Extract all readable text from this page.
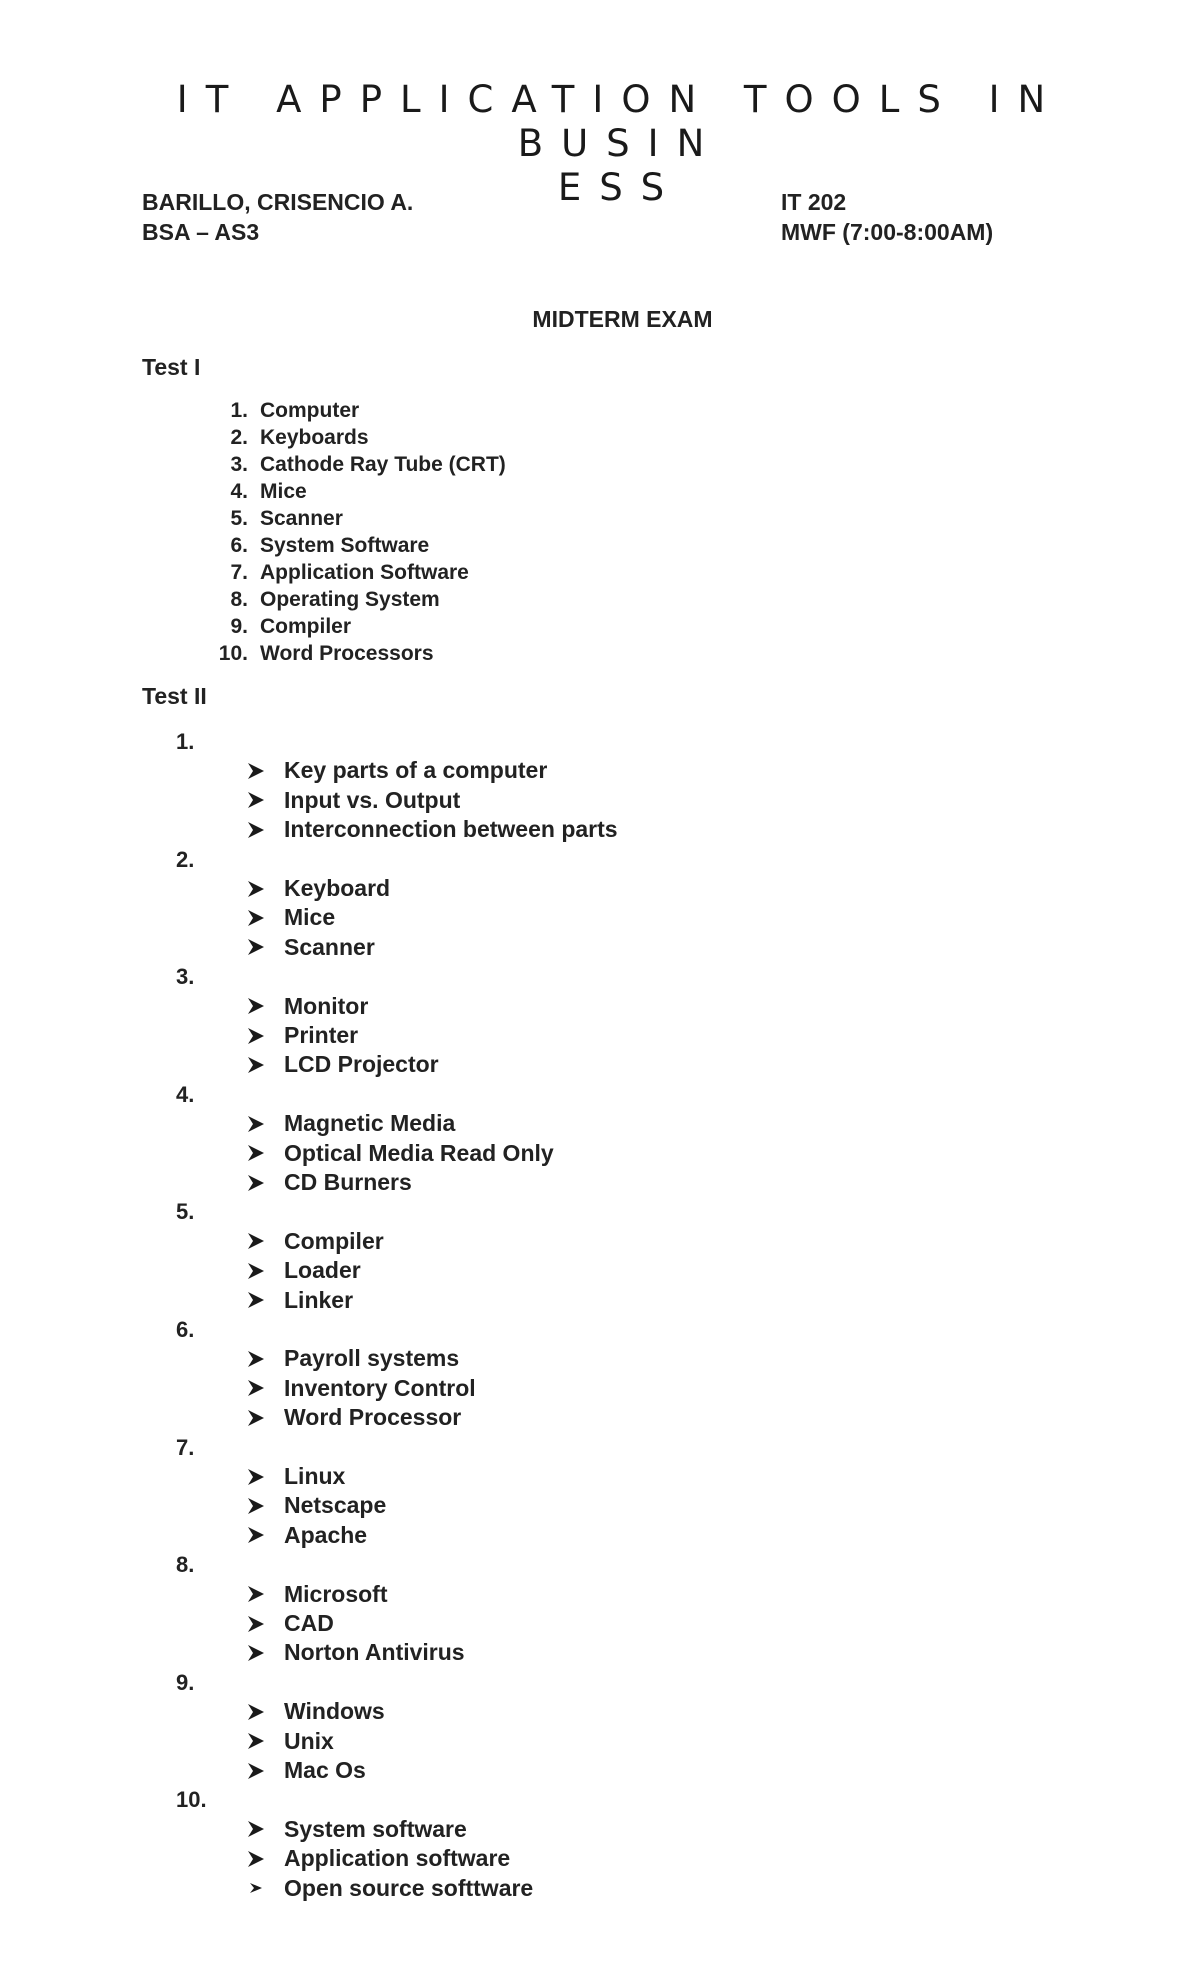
IT APPLICATION TOOLS IN BUSIN
ESS
BARILLO, CRISENCIO A.
BSA – AS3
IT 202
MWF (7:00-8:00AM)
MIDTERM EXAM
Test I
1. Computer
2. Keyboards
3. Cathode Ray Tube (CRT)
4. Mice
5. Scanner
6. System Software
7. Application Software
8. Operating System
9. Compiler
10. Word Processors
Test II
1.
Key parts of a computer
Input vs. Output
Interconnection between parts
2.
Keyboard
Mice
Scanner
3.
Monitor
Printer
LCD Projector
4.
Magnetic Media
Optical Media Read Only
CD Burners
5.
Compiler
Loader
Linker
6.
Payroll systems
Inventory Control
Word Processor
7.
Linux
Netscape
Apache
8.
Microsoft
CAD
Norton Antivirus
9.
Windows
Unix
Mac Os
10.
System software
Application software
Open source softtware
